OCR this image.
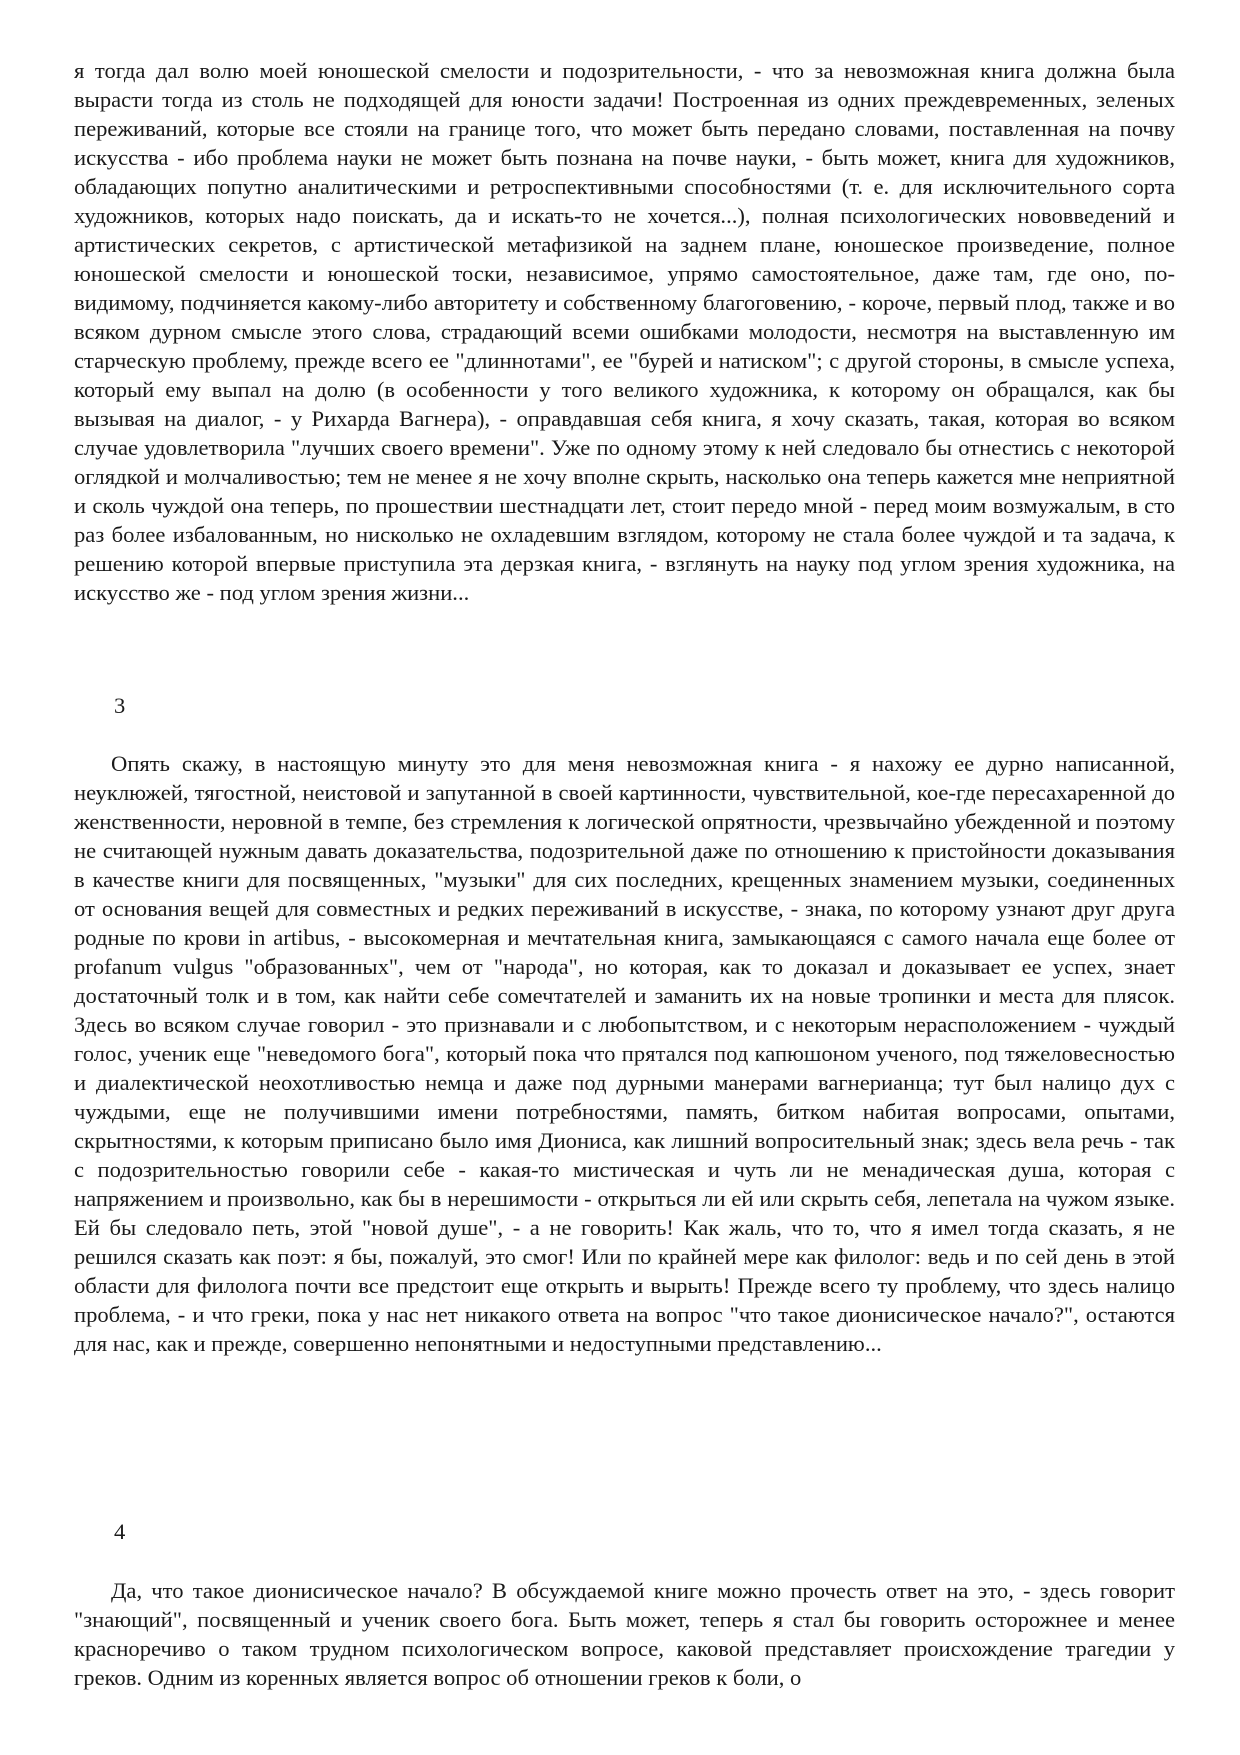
я тогда дал волю моей юношеской смелости и подозрительности, - что за невозможная книга должна была вырасти тогда из столь не подходящей для юности задачи! Построенная из одних преждевременных, зеленых переживаний, которые все стояли на границе того, что может быть передано словами, поставленная на почву искусства - ибо проблема науки не может быть познана на почве науки, - быть может, книга для художников, обладающих попутно аналитическими и ретроспективными способностями (т. е. для исключительного сорта художников, которых надо поискать, да и искать-то не хочется...), полная психологических нововведений и артистических секретов, с артистической метафизикой на заднем плане, юношеское произведение, полное юношеской смелости и юношеской тоски, независимое, упрямо самостоятельное, даже там, где оно, по-видимому, подчиняется какому-либо авторитету и собственному благоговению, - короче, первый плод, также и во всяком дурном смысле этого слова, страдающий всеми ошибками молодости, несмотря на выставленную им старческую проблему, прежде всего ее "длиннотами", ее "бурей и натиском"; с другой стороны, в смысле успеха, который ему выпал на долю (в особенности у того великого художника, к которому он обращался, как бы вызывая на диалог, - у Рихарда Вагнера), - оправдавшая себя книга, я хочу сказать, такая, которая во всяком случае удовлетворила "лучших своего времени". Уже по одному этому к ней следовало бы отнестись с некоторой оглядкой и молчаливостью; тем не менее я не хочу вполне скрыть, насколько она теперь кажется мне неприятной и сколь чуждой она теперь, по прошествии шестнадцати лет, стоит передо мной - перед моим возмужалым, в сто раз более избалованным, но нисколько не охладевшим взглядом, которому не стала более чуждой и та задача, к решению которой впервые приступила эта дерзкая книга, - взглянуть на науку под углом зрения художника, на искусство же - под углом зрения жизни...

3

Опять скажу, в настоящую минуту это для меня невозможная книга - я нахожу ее дурно написанной, неуклюжей, тягостной, неистовой и запутанной в своей картинности, чувствительной, кое-где пересахаренной до женственности, неровной в темпе, без стремления к логической опрятности, чрезвычайно убежденной и поэтому не считающей нужным давать доказательства, подозрительной даже по отношению к пристойности доказывания в качестве книги для посвященных, "музыки" для сих последних, крещенных знамением музыки, соединенных от основания вещей для совместных и редких переживаний в искусстве, - знака, по которому узнают друг друга родные по крови in artibus, - высокомерная и мечтательная книга, замыкающаяся с самого начала еще более от profanum vulgus "образованных", чем от "народа", но которая, как то доказал и доказывает ее успех, знает достаточный толк и в том, как найти себе сомечтателей и заманить их на новые тропинки и места для плясок. Здесь во всяком случае говорил - это признавали и с любопытством, и с некоторым нерасположением - чуждый голос, ученик еще "неведомого бога", который пока что прятался под капюшоном ученого, под тяжеловесностью и диалектической неохотливостью немца и даже под дурными манерами вагнерианца; тут был налицо дух с чуждыми, еще не получившими имени потребностями, память, битком набитая вопросами, опытами, скрытностями, к которым приписано было имя Диониса, как лишний вопросительный знак; здесь вела речь - так с подозрительностью говорили себе - какая-то мистическая и чуть ли не менадическая душа, которая с напряжением и произвольно, как бы в нерешимости - открыться ли ей или скрыть себя, лепетала на чужом языке. Ей бы следовало петь, этой "новой душе", - а не говорить! Как жаль, что то, что я имел тогда сказать, я не решился сказать как поэт: я бы, пожалуй, это смог! Или по крайней мере как филолог: ведь и по сей день в этой области для филолога почти все предстоит еще открыть и вырыть! Прежде всего ту проблему, что здесь налицо проблема, - и что греки, пока у нас нет никакого ответа на вопрос "что такое дионисическое начало?", остаются для нас, как и прежде, совершенно непонятными и недоступными представлению...

4

Да, что такое дионисическое начало? В обсуждаемой книге можно прочесть ответ на это, - здесь говорит "знающий", посвященный и ученик своего бога. Быть может, теперь я стал бы говорить осторожнее и менее красноречиво о таком трудном психологическом вопросе, каковой представляет происхождение трагедии у греков. Одним из коренных является вопрос об отношении греков к боли, о
